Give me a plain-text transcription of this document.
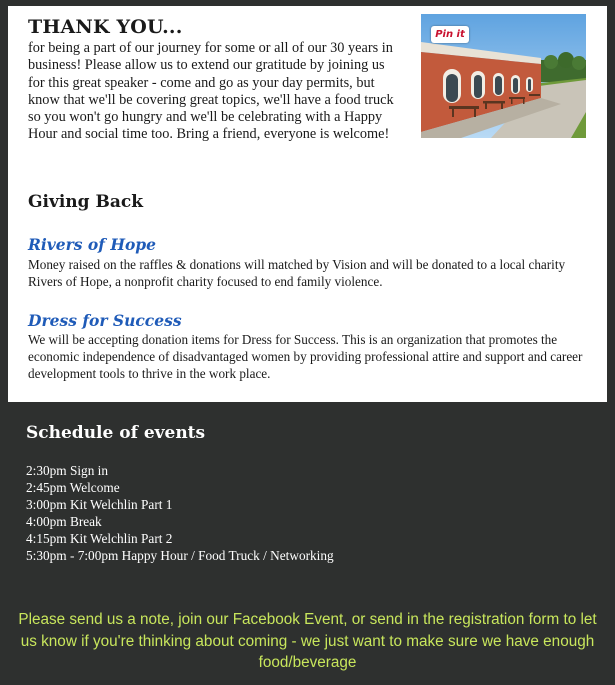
THANK YOU...

for being a part of our journey for some or all of our 30 years in business! Please allow us to extend our gratitude by joining us for this great speaker - come and go as your day permits, but know that we'll be covering great topics, we'll have a food truck so you won't go hungry and we'll be celebrating with a Happy Hour and social time too. Bring a friend, everyone is welcome!

Pin it
Giving Back
Rivers of Hope

Money raised on the raffles & donations will matched by Vision and will be donated to a local charity Rivers of Hope, a nonprofit charity focused to end family violence.

Dress for Success

We will be accepting donation items for Dress for Success. This is an organization that promotes the economic independence of disadvantaged women by providing professional attire and support and career development tools to thrive in the work place.

Schedule of events
2:30pm Sign in
2:45pm Welcome
3:00pm Kit Welchlin Part 1
4:00pm Break
4:15pm Kit Welchlin Part 2
5:30pm - 7:00pm Happy Hour / Food Truck / Networking

Please send us a note, join our Facebook Event, or send in the registration form to let us know if you're thinking about coming - we just want to make sure we have enough food/beverage
